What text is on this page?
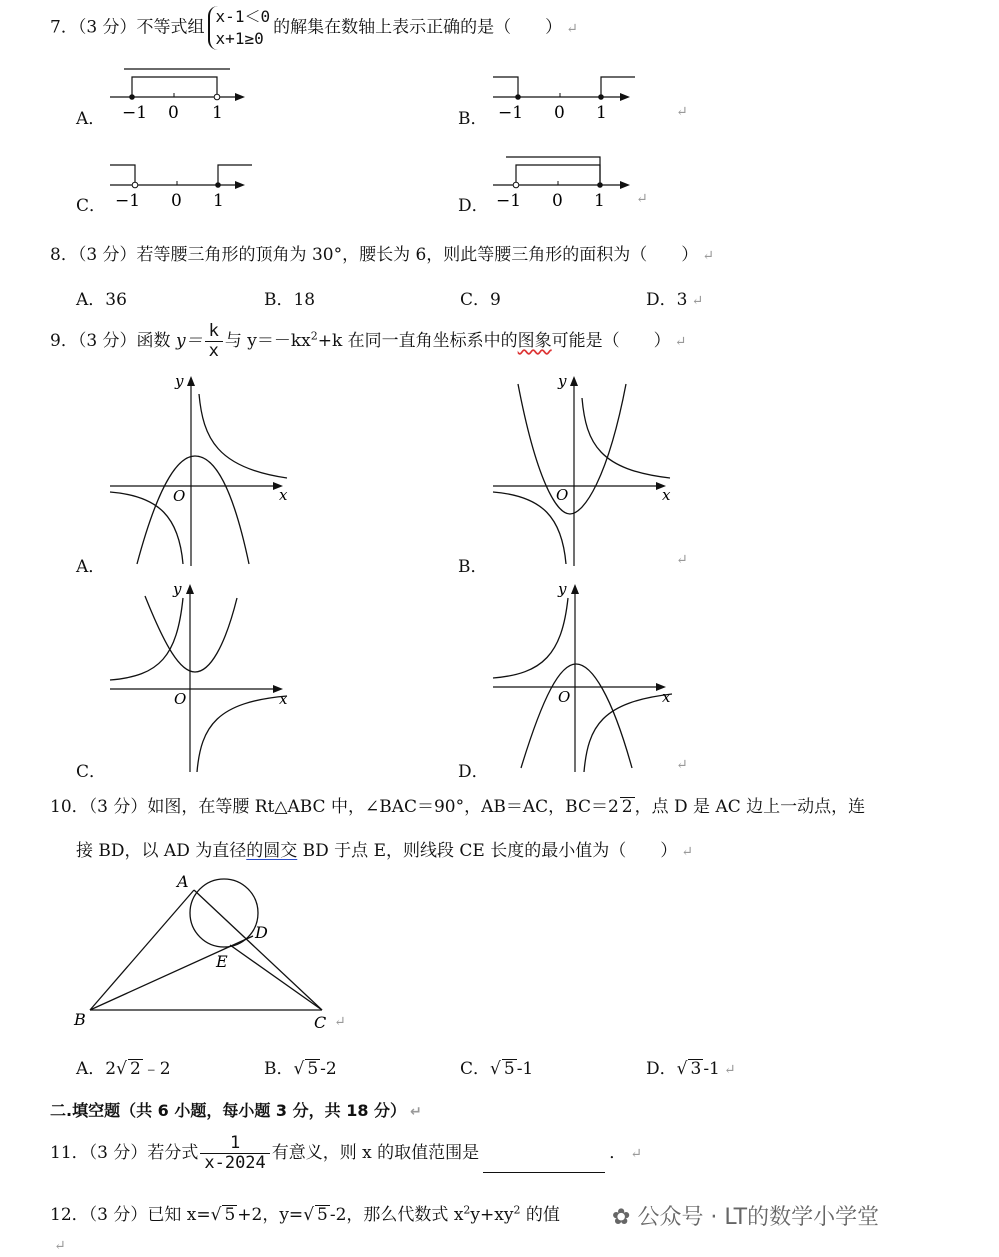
7．（3 分）不等式组x-1＜0
x+1≥0的解集在数轴上表示正确的是（　　） ↵
A． −1 0 1	B． −1 0 1	↵
C． −1 0 1	D． −1 0 1 ↵
8．（3 分）若等腰三角形的顶角为 30°，腰长为 6，则此等腰三角形的面积为（　　） ↵
A．36	B．18	C．9	D．3 ↵
9．（3 分）函数 $y= \frac{k}{x}$ 与 $y=-kx^2+k$ 在同一直角坐标系中的图象可能是（　　） ↵
A．
y
x
O
B．
y
x
O
↵
C．
y
x
O
D．
y
x
O
↵
10．（3 分）如图，在等腰 Rt△ABC 中，∠BAC＝90°，AB＝AC，BC＝2 2 ，点 D 是 AC 边上一动点，连
接 BD，以 AD 为直径的圆交 BD 于点 E，则线段 CE 长度的最小值为（　　） ↵
A
B	C
D
E
↵
A．2√ 2 ﹣2	B．√ 5 -2	C．√ 5 -1	D．√ 3 -1 ↵
二.填空题（共 6 小题，每小题 3 分，共 18 分） ↵
11．（3 分）若分式 $\frac{1}{x-2024}$ 有意义，则 x 的取值范围是	． ↵
12．（3 分）已知 x=√ 5 +2，y=√ 5 -2，那么代数式 $x^2y+xy^2$ 的值 ✿ 公众号 · LT的数学小学堂
↵
